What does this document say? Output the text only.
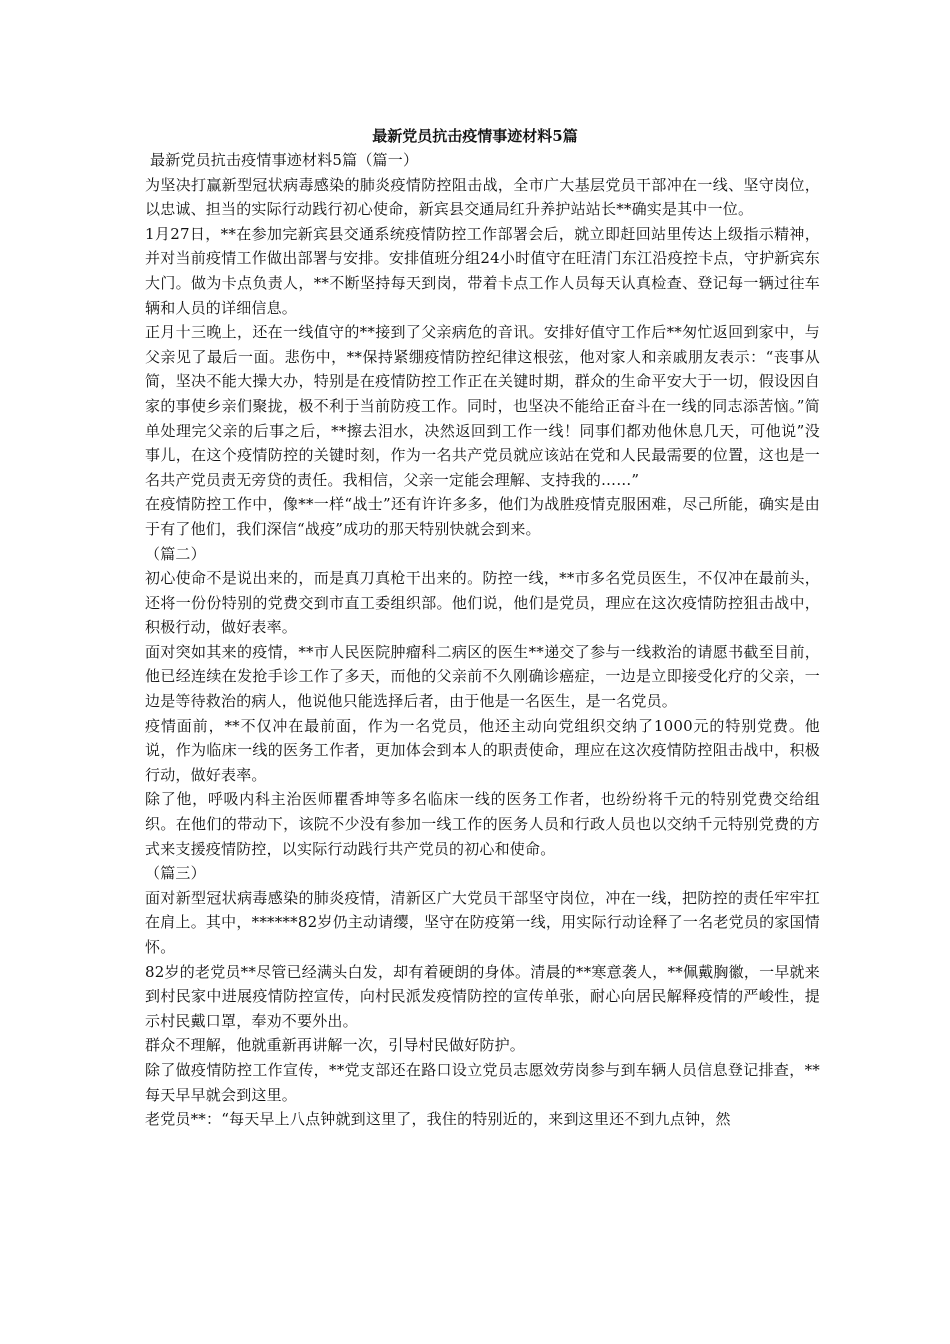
最新党员抗击疫情事迹材料5篇

最新党员抗击疫情事迹材料5篇（篇一）

为坚决打赢新型冠状病毒感染的肺炎疫情防控阻击战，全市广大基层党员干部冲在一线、坚守岗位，以忠诚、担当的实际行动践行初心使命，新宾县交通局红升养护站站长**确实是其中一位。

1月27日，**在参加完新宾县交通系统疫情防控工作部署会后，就立即赶回站里传达上级指示精神，并对当前疫情工作做出部署与安排。安排值班分组24小时值守在旺清门东江沿疫控卡点，守护新宾东大门。做为卡点负责人，**不断坚持每天到岗，带着卡点工作人员每天认真检查、登记每一辆过往车辆和人员的详细信息。

正月十三晚上，还在一线值守的**接到了父亲病危的音讯。安排好值守工作后**匆忙返回到家中，与父亲见了最后一面。悲伤中，**保持紧绷疫情防控纪律这根弦，他对家人和亲戚朋友表示：“丧事从简，坚决不能大操大办，特别是在疫情防控工作正在关键时期，群众的生命平安大于一切，假设因自家的事使乡亲们聚拢，极不利于当前防疫工作。同时，也坚决不能给正奋斗在一线的同志添苦恼。”简单处理完父亲的后事之后，**擦去泪水，决然返回到工作一线！同事们都劝他休息几天，可他说”没事儿，在这个疫情防控的关键时刻，作为一名共产党员就应该站在党和人民最需要的位置，这也是一名共产党员责无旁贷的责任。我相信，父亲一定能会理解、支持我的……”

在疫情防控工作中，像**一样“战士”还有许许多多，他们为战胜疫情克服困难，尽己所能，确实是由于有了他们，我们深信“战疫”成功的那天特别快就会到来。

（篇二）

初心使命不是说出来的，而是真刀真枪干出来的。防控一线，**市多名党员医生，不仅冲在最前头，还将一份份特别的党费交到市直工委组织部。他们说，他们是党员，理应在这次疫情防控狙击战中，积极行动，做好表率。

面对突如其来的疫情，**市人民医院肿瘤科二病区的医生**递交了参与一线救治的请愿书截至目前，他已经连续在发抢手诊工作了多天，而他的父亲前不久刚确诊癌症，一边是立即接受化疗的父亲，一边是等待救治的病人，他说他只能选择后者，由于他是一名医生，是一名党员。

疫情面前，**不仅冲在最前面，作为一名党员，他还主动向党组织交纳了1000元的特别党费。他说，作为临床一线的医务工作者，更加体会到本人的职责使命，理应在这次疫情防控阻击战中，积极行动，做好表率。

除了他，呼吸内科主治医师瞿香坤等多名临床一线的医务工作者，也纷纷将千元的特别党费交给组织。在他们的带动下，该院不少没有参加一线工作的医务人员和行政人员也以交纳千元特别党费的方式来支援疫情防控，以实际行动践行共产党员的初心和使命。

（篇三）

面对新型冠状病毒感染的肺炎疫情，清新区广大党员干部坚守岗位，冲在一线，把防控的责任牢牢扛在肩上。其中，******82岁仍主动请缨，坚守在防疫第一线，用实际行动诠释了一名老党员的家国情怀。

82岁的老党员**尽管已经满头白发，却有着硬朗的身体。清晨的**寒意袭人，**佩戴胸徽，一早就来到村民家中进展疫情防控宣传，向村民派发疫情防控的宣传单张，耐心向居民解释疫情的严峻性，提示村民戴口罩，奉劝不要外出。

群众不理解，他就重新再讲解一次，引导村民做好防护。

除了做疫情防控工作宣传，**党支部还在路口设立党员志愿效劳岗参与到车辆人员信息登记排查，**每天早早就会到这里。

老党员**：“每天早上八点钟就到这里了，我住的特别近的，来到这里还不到九点钟，然
